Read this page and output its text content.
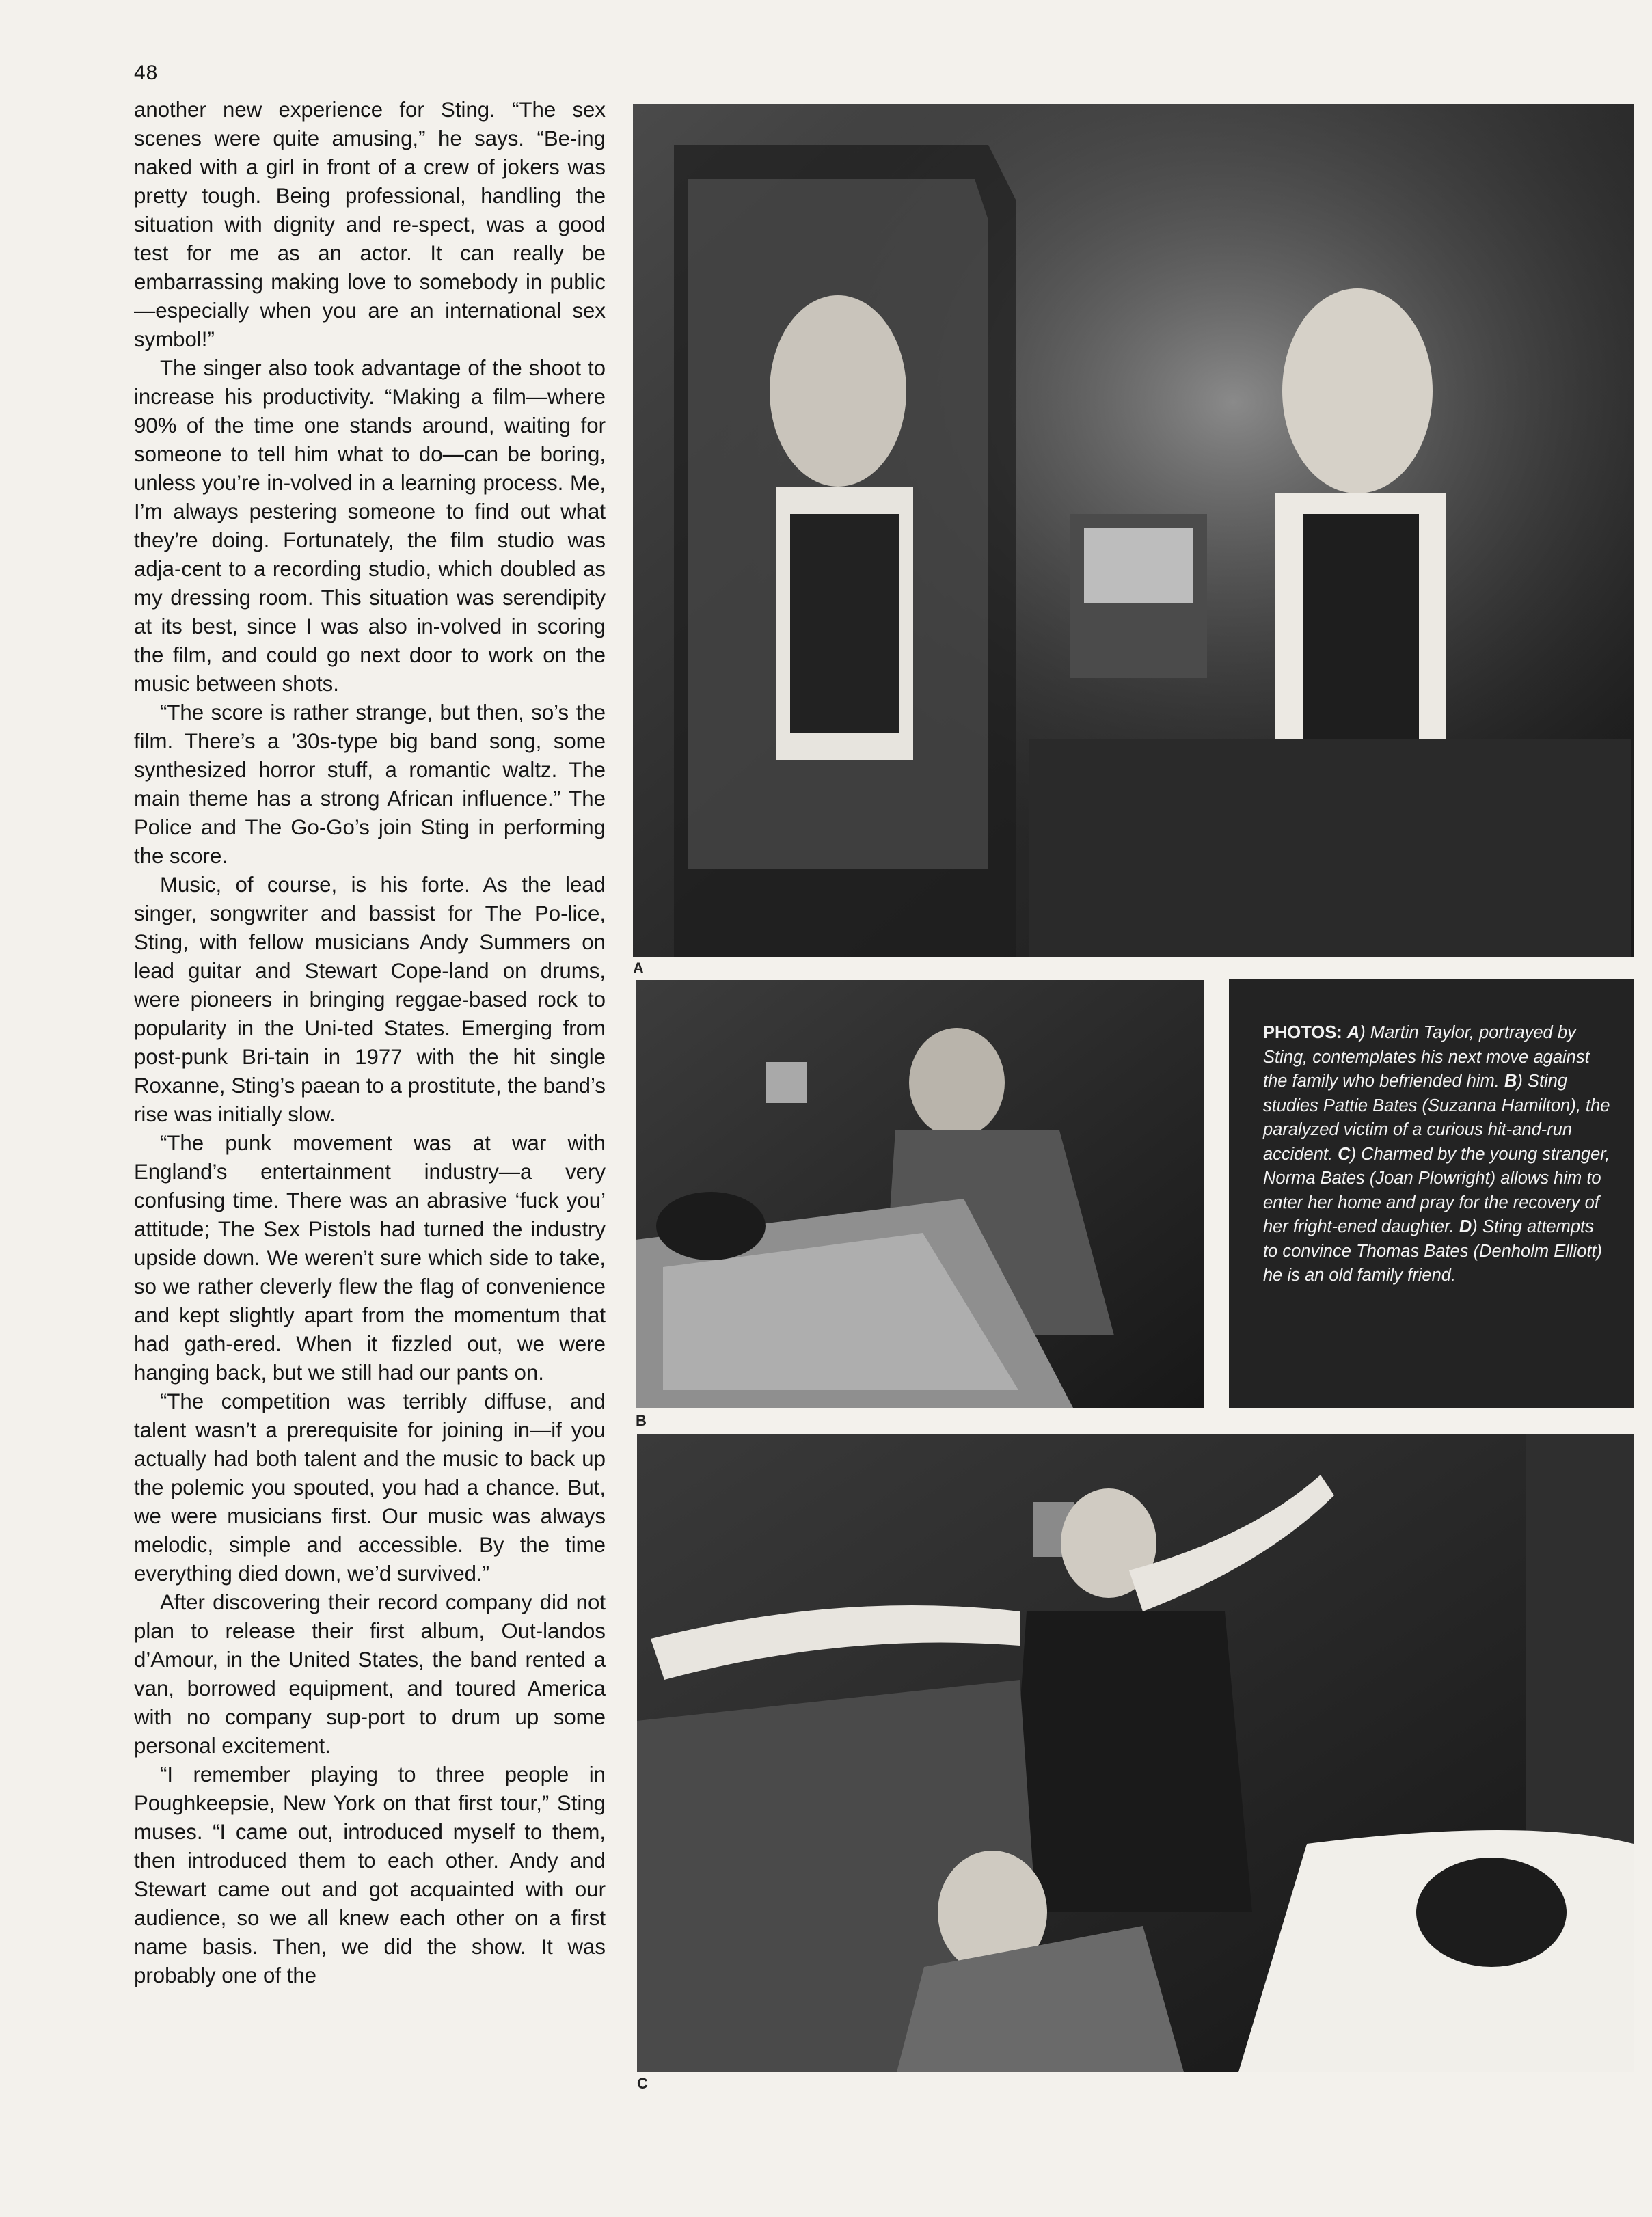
48

another new experience for Sting. “The sex scenes were quite amusing,” he says. “Be-ing naked with a girl in front of a crew of jokers was pretty tough. Being professional, handling the situation with dignity and re-spect, was a good test for me as an actor. It can really be embarrassing making love to somebody in public—especially when you are an international sex symbol!”

The singer also took advantage of the shoot to increase his productivity. “Making a film—where 90% of the time one stands around, waiting for someone to tell him what to do—can be boring, unless you’re in-volved in a learning process. Me, I’m always pestering someone to find out what they’re doing. Fortunately, the film studio was adja-cent to a recording studio, which doubled as my dressing room. This situation was serendipity at its best, since I was also in-volved in scoring the film, and could go next door to work on the music between shots.

“The score is rather strange, but then, so’s the film. There’s a ’30s-type big band song, some synthesized horror stuff, a romantic waltz. The main theme has a strong African influence.” The Police and The Go-Go’s join Sting in performing the score.

Music, of course, is his forte. As the lead singer, songwriter and bassist for The Po-lice, Sting, with fellow musicians Andy Summers on lead guitar and Stewart Cope-land on drums, were pioneers in bringing reggae-based rock to popularity in the Uni-ted States. Emerging from post-punk Bri-tain in 1977 with the hit single Roxanne, Sting’s paean to a prostitute, the band’s rise was initially slow.

“The punk movement was at war with England’s entertainment industry—a very confusing time. There was an abrasive ‘fuck you’ attitude; The Sex Pistols had turned the industry upside down. We weren’t sure which side to take, so we rather cleverly flew the flag of convenience and kept slightly apart from the momentum that had gath-ered. When it fizzled out, we were hanging back, but we still had our pants on.

“The competition was terribly diffuse, and talent wasn’t a prerequisite for joining in—if you actually had both talent and the music to back up the polemic you spouted, you had a chance. But, we were musicians first. Our music was always melodic, simple and accessible. By the time everything died down, we’d survived.”

After discovering their record company did not plan to release their first album, Out-landos d’Amour, in the United States, the band rented a van, borrowed equipment, and toured America with no company sup-port to drum up some personal excitement.

“I remember playing to three people in Poughkeepsie, New York on that first tour,” Sting muses. “I came out, introduced myself to them, then introduced them to each other. Andy and Stewart came out and got acquainted with our audience, so we all knew each other on a first name basis. Then, we did the show. It was probably one of the

A
B
PHOTOS: A) Martin Taylor, portrayed by Sting, contemplates his next move against the family who befriended him. B) Sting studies Pattie Bates (Suzanna Hamilton), the paralyzed victim of a curious hit-and-run accident. C) Charmed by the young stranger, Norma Bates (Joan Plowright) allows him to enter her home and pray for the recovery of her fright-ened daughter. D) Sting attempts to convince Thomas Bates (Denholm Elliott) he is an old family friend.
C
